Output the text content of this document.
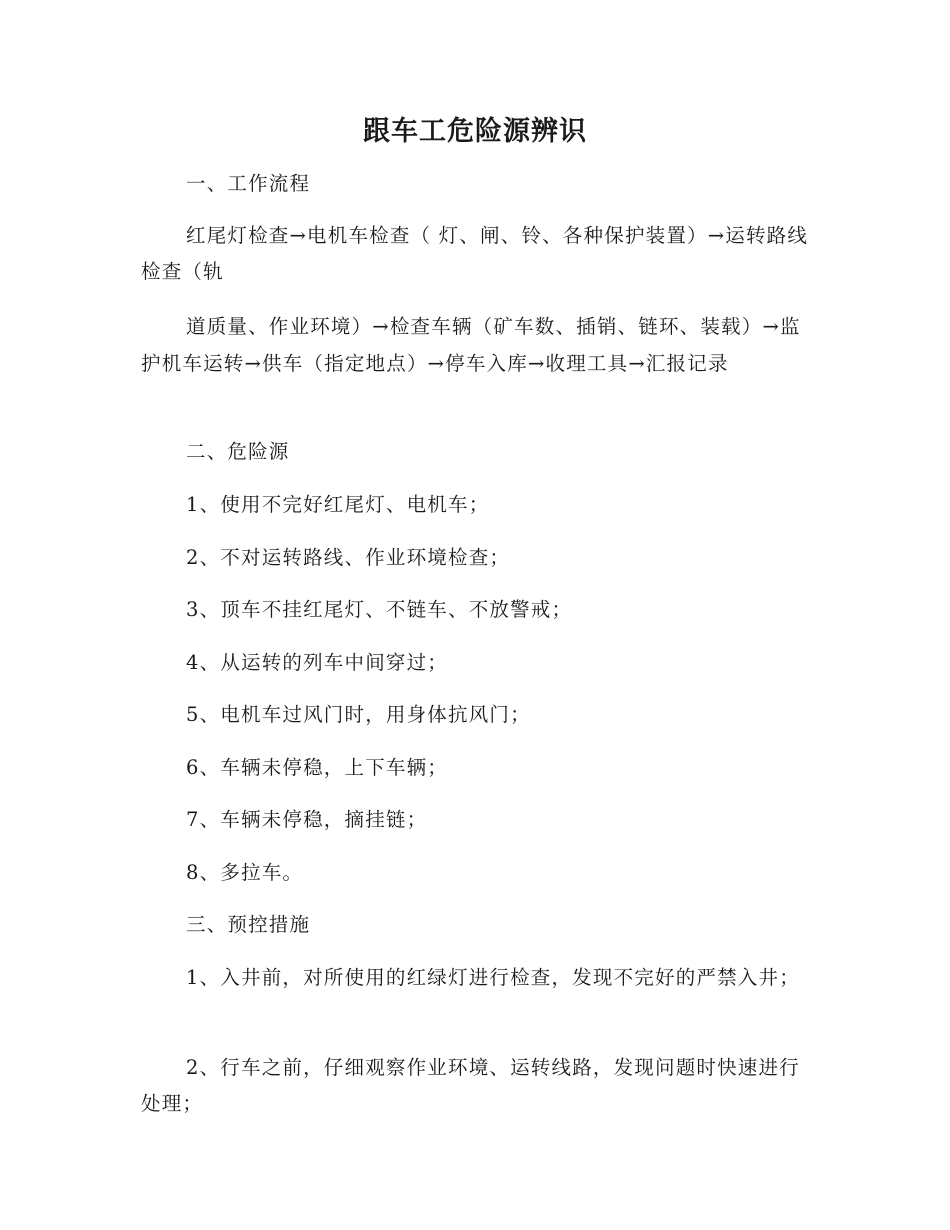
跟车工危险源辨识

一、工作流程

红尾灯检查→电机车检查（ 灯、闸、铃、各种保护装置）→运转路线检查（轨

道质量、作业环境）→检查车辆（矿车数、插销、链环、装载）→监护机车运转→供车（指定地点）→停车入库→收理工具→汇报记录

二、危险源

1、使用不完好红尾灯、电机车；

2、不对运转路线、作业环境检查；

3、顶车不挂红尾灯、不链车、不放警戒；

4、从运转的列车中间穿过；

5、电机车过风门时，用身体抗风门；

6、车辆未停稳，上下车辆；

7、车辆未停稳，摘挂链；

8、多拉车。

三、预控措施

1、入井前，对所使用的红绿灯进行检查，发现不完好的严禁入井；

2、行车之前，仔细观察作业环境、运转线路，发现问题时快速进行处理；
